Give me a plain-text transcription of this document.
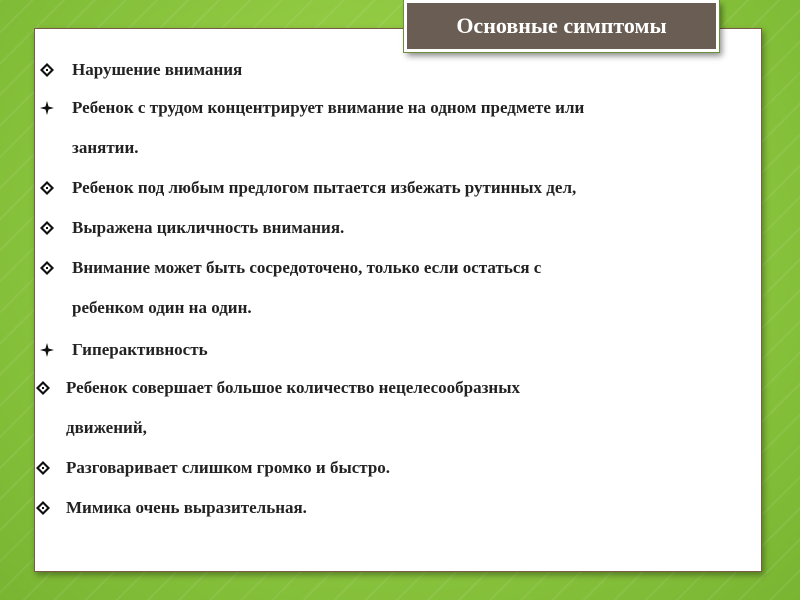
Основные симптомы
Нарушение внимания
Ребенок с трудом концентрирует внимание на одном предмете или
занятии.
Ребенок под любым предлогом пытается избежать рутинных дел,
Выражена цикличность внимания.
Внимание может быть сосредоточено, только если остаться с
ребенком один на один.
Гиперактивность
Ребенок совершает большое количество нецелесообразных
движений,
Разговаривает слишком громко и быстро.
Мимика очень выразительная.
